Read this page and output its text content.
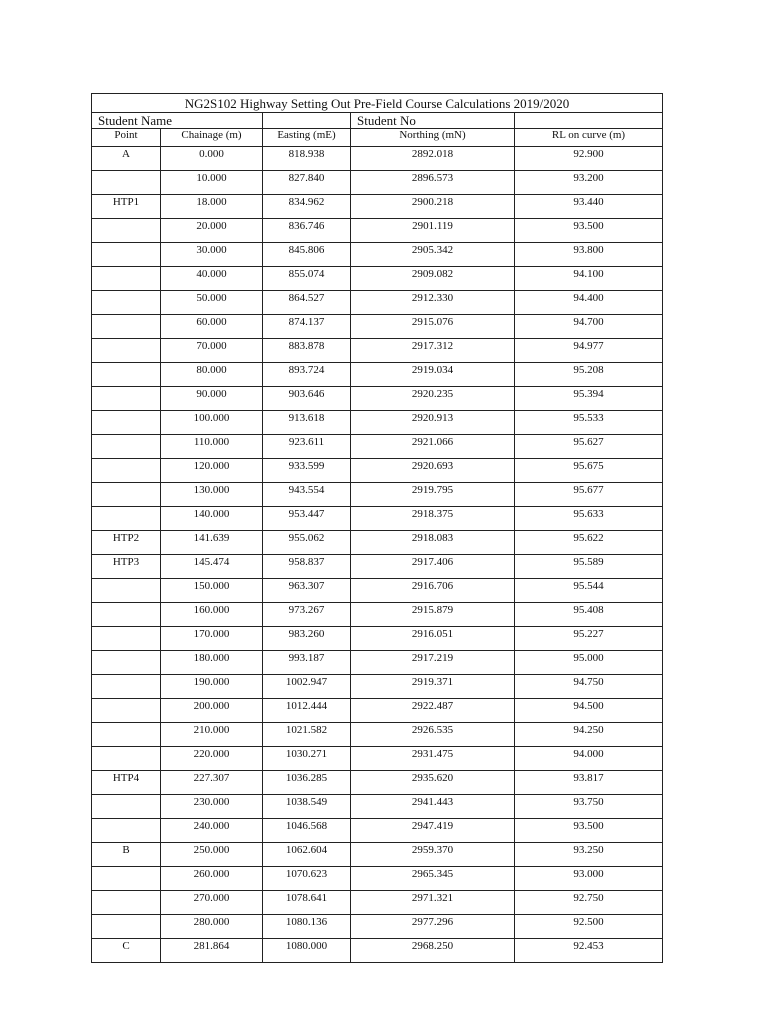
NG2S102 Highway Setting Out Pre-Field Course Calculations 2019/2020				
Student Name			Student No	
Point	Chainage (m)	Easting (mE)	Northing (mN)	RL on curve (m)
A	0.000	818.938	2892.018	92.900
	10.000	827.840	2896.573	93.200
HTP1	18.000	834.962	2900.218	93.440
	20.000	836.746	2901.119	93.500
	30.000	845.806	2905.342	93.800
	40.000	855.074	2909.082	94.100
	50.000	864.527	2912.330	94.400
	60.000	874.137	2915.076	94.700
	70.000	883.878	2917.312	94.977
	80.000	893.724	2919.034	95.208
	90.000	903.646	2920.235	95.394
	100.000	913.618	2920.913	95.533
	110.000	923.611	2921.066	95.627
	120.000	933.599	2920.693	95.675
	130.000	943.554	2919.795	95.677
	140.000	953.447	2918.375	95.633
HTP2	141.639	955.062	2918.083	95.622
HTP3	145.474	958.837	2917.406	95.589
	150.000	963.307	2916.706	95.544
	160.000	973.267	2915.879	95.408
	170.000	983.260	2916.051	95.227
	180.000	993.187	2917.219	95.000
	190.000	1002.947	2919.371	94.750
	200.000	1012.444	2922.487	94.500
	210.000	1021.582	2926.535	94.250
	220.000	1030.271	2931.475	94.000
HTP4	227.307	1036.285	2935.620	93.817
	230.000	1038.549	2941.443	93.750
	240.000	1046.568	2947.419	93.500
B	250.000	1062.604	2959.370	93.250
	260.000	1070.623	2965.345	93.000
	270.000	1078.641	2971.321	92.750
	280.000	1080.136	2977.296	92.500
C	281.864	1080.000	2968.250	92.453
